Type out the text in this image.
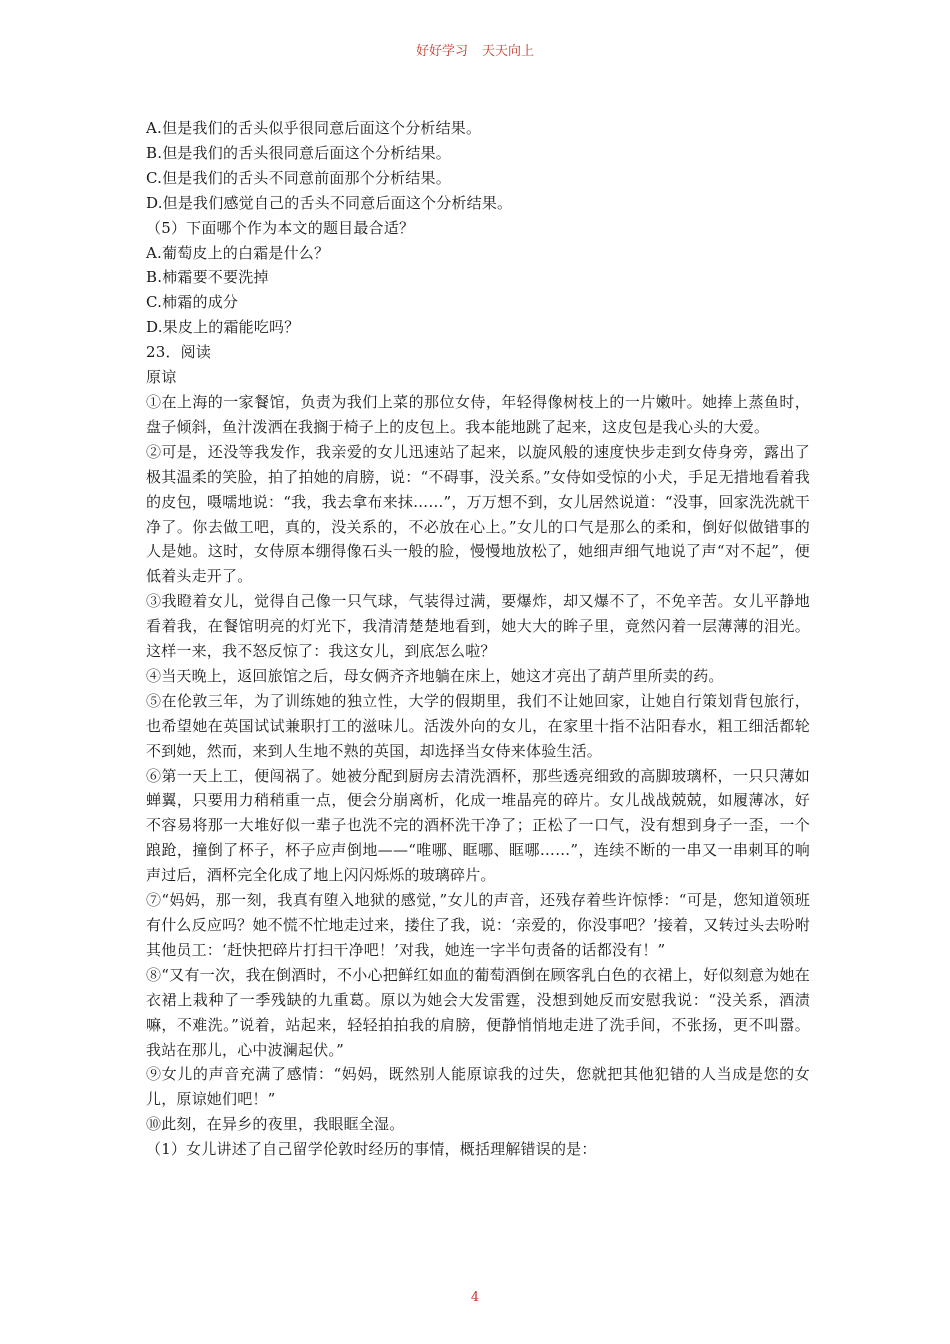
好好学习 天天向上

A.但是我们的舌头似乎很同意后面这个分析结果。

B.但是我们的舌头很同意后面这个分析结果。

C.但是我们的舌头不同意前面那个分析结果。

D.但是我们感觉自己的舌头不同意后面这个分析结果。

（5）下面哪个作为本文的题目最合适？

A.葡萄皮上的白霜是什么？

B.柿霜要不要洗掉

C.柿霜的成分

D.果皮上的霜能吃吗？

23．阅读

原谅

①在上海的一家餐馆，负责为我们上菜的那位女侍，年轻得像树枝上的一片嫩叶。她捧上蒸鱼时，盘子倾斜，鱼汁泼洒在我搁于椅子上的皮包上。我本能地跳了起来，这皮包是我心头的大爱。

②可是，还没等我发作，我亲爱的女儿迅速站了起来，以旋风般的速度快步走到女侍身旁，露出了极其温柔的笑脸，拍了拍她的肩膀，说：“不碍事，没关系。”女侍如受惊的小犬，手足无措地看着我的皮包，嗫嚅地说：“我，我去拿布来抹……”，万万想不到，女儿居然说道：“没事，回家洗洗就干净了。你去做工吧，真的，没关系的，不必放在心上。”女儿的口气是那么的柔和，倒好似做错事的人是她。这时，女侍原本绷得像石头一般的脸，慢慢地放松了，她细声细气地说了声“对不起”，便低着头走开了。

③我瞪着女儿，觉得自己像一只气球，气装得过满，要爆炸，却又爆不了，不免辛苦。女儿平静地看着我，在餐馆明亮的灯光下，我清清楚楚地看到，她大大的眸子里，竟然闪着一层薄薄的泪光。这样一来，我不怒反惊了：我这女儿，到底怎么啦？

④当天晚上，返回旅馆之后，母女俩齐齐地躺在床上，她这才亮出了葫芦里所卖的药。

⑤在伦敦三年，为了训练她的独立性，大学的假期里，我们不让她回家，让她自行策划背包旅行，也希望她在英国试试兼职打工的滋味儿。活泼外向的女儿，在家里十指不沾阳春水，粗工细活都轮不到她，然而，来到人生地不熟的英国，却选择当女侍来体验生活。

⑥第一天上工，便闯祸了。她被分配到厨房去清洗酒杯，那些透亮细致的高脚玻璃杯，一只只薄如蝉翼，只要用力稍稍重一点，便会分崩离析，化成一堆晶亮的碎片。女儿战战兢兢，如履薄冰，好不容易将那一大堆好似一辈子也洗不完的酒杯洗干净了；正松了一口气，没有想到身子一歪，一个踉跄，撞倒了杯子，杯子应声倒地——“唯哪、眶哪、眶哪……”，连续不断的一串又一串刺耳的响声过后，酒杯完全化成了地上闪闪烁烁的玻璃碎片。

⑦“妈妈，那一刻，我真有堕入地狱的感觉，”女儿的声音，还残存着些许惊悸：“可是，您知道领班有什么反应吗？她不慌不忙地走过来，搂住了我，说：‘亲爱的，你没事吧？’接着，又转过头去吩咐其他员工：‘赶快把碎片打扫干净吧！’对我，她连一字半句责备的话都没有！”

⑧“又有一次，我在倒酒时，不小心把鲜红如血的葡萄酒倒在顾客乳白色的衣裙上，好似刻意为她在衣裙上栽种了一季残缺的九重葛。原以为她会大发雷霆，没想到她反而安慰我说：“没关系，酒渍嘛，不难洗。”说着，站起来，轻轻拍拍我的肩膀，便静悄悄地走进了洗手间，不张扬，更不叫嚣。我站在那儿，心中波澜起伏。”

⑨女儿的声音充满了感情：“妈妈，既然别人能原谅我的过失，您就把其他犯错的人当成是您的女儿，原谅她们吧！”

⑩此刻，在异乡的夜里，我眼眶全湿。

（1）女儿讲述了自己留学伦敦时经历的事情，概括理解错误的是：

4
